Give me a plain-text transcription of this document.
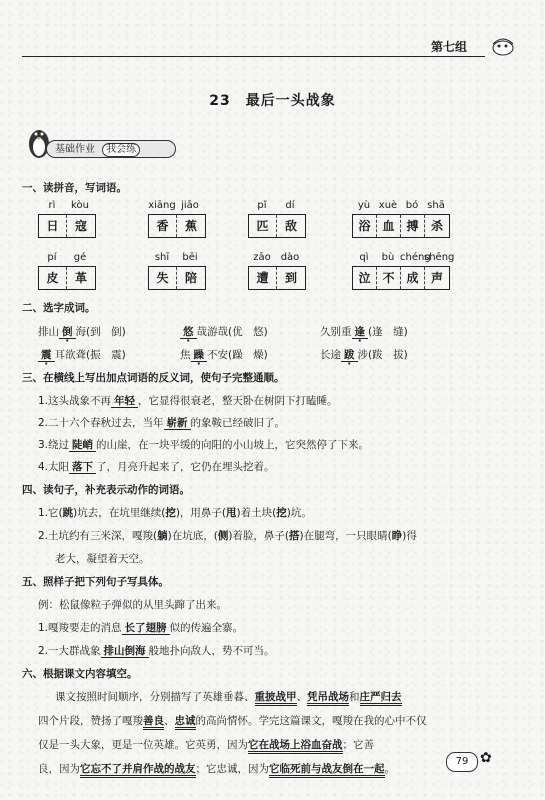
第七组
23　最后一头战象
基础作业 我会练
一、读拼音，写词语。
rì	kòu
日	寇
xiāng jiāo
香	蕉
pǐ	dí
匹	敌
yù xuè bó shā
浴 血 搏	杀
pí	gé
皮	革
shī	bēi
失	陪
zāo dào
遭	到
qì	bù chéng
shēng
泣 不 成	声
二、选字成词。
排山 倒 海(到　倒)	悠 哉游哉(优　悠)	久别重 逢 (逢　缝)
震 耳欲聋(振　震)	焦 躁 不安(躁　燥)	长途 跋 涉(跋　拔)
三、在横线上写出加点词语的反义词，使句子完整通顺。
1.这头战象不再 年轻 ，它显得很衰老，整天卧在树阴下打瞌睡。
2.二十六个春秋过去，当年 崭新 的象鞍已经破旧了。
3.绕过 陡峭 的山崖，在一块平缓的向阳的小山坡上，它突然停了下来。
4.太阳 落下 了，月亮升起来了，它仍在埋头挖着。
四、读句子，补充表示动作的词语。
1.它(跳)坑去，在坑里继续(挖)，用鼻子(甩)着土块(挖)坑。
2.土坑约有三米深，嘎羧(躺)在坑底，(侧)着脸，鼻子(搭)在腿弯，一只眼睛(睁)得
老大，凝望着天空。
五、照样子把下列句子写具体。
例：松鼠像粒子弹似的从里头蹿了出来。
1.嘎羧要走的消息 长了翅膀 似的传遍全寨。
2.一大群战象 排山倒海 般地扑向敌人，势不可当。
六、根据课文内容填空。
课文按照时间顺序，分别描写了英雄垂暮、重披战甲、凭吊战场和庄严归去
四个片段，赞扬了嘎羧善良、忠诚的高尚情怀。学完这篇课文，嘎羧在我的心中不仅
仅是一头大象，更是一位英雄。它英勇，因为它在战场上浴血奋战；它善
良，因为它忘不了并肩作战的战友；它忠诚，因为它临死前与战友倒在一起。
79 ✿
